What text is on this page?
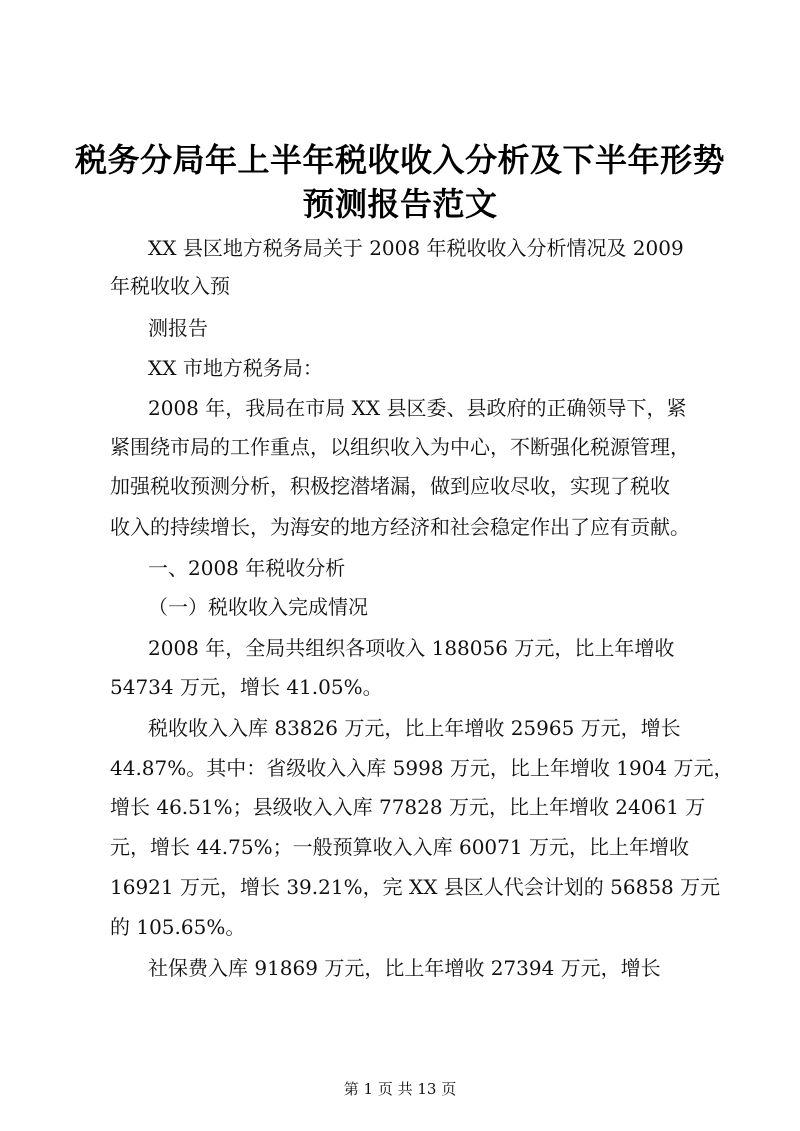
税务分局年上半年税收收入分析及下半年形势
预测报告范文
XX 县区地方税务局关于 2008 年税收收入分析情况及 2009
年税收收入预
测报告
XX 市地方税务局：
2008 年，我局在市局 XX 县区委、县政府的正确领导下，紧
紧围绕市局的工作重点，以组织收入为中心，不断强化税源管理，
加强税收预测分析，积极挖潜堵漏，做到应收尽收，实现了税收
收入的持续增长，为海安的地方经济和社会稳定作出了应有贡献。
一、2008 年税收分析
（一）税收收入完成情况
2008 年，全局共组织各项收入 188056 万元，比上年增收
54734 万元，增长 41.05%。
税收收入入库 83826 万元，比上年增收 25965 万元，增长
44.87%。其中：省级收入入库 5998 万元，比上年增收 1904 万元，
增长 46.51%；县级收入入库 77828 万元，比上年增收 24061 万
元，增长 44.75%；一般预算收入入库 60071 万元，比上年增收
16921 万元，增长 39.21%，完 XX 县区人代会计划的 56858 万元
的 105.65%。
社保费入库 91869 万元，比上年增收 27394 万元，增长
第 1 页 共 13 页
